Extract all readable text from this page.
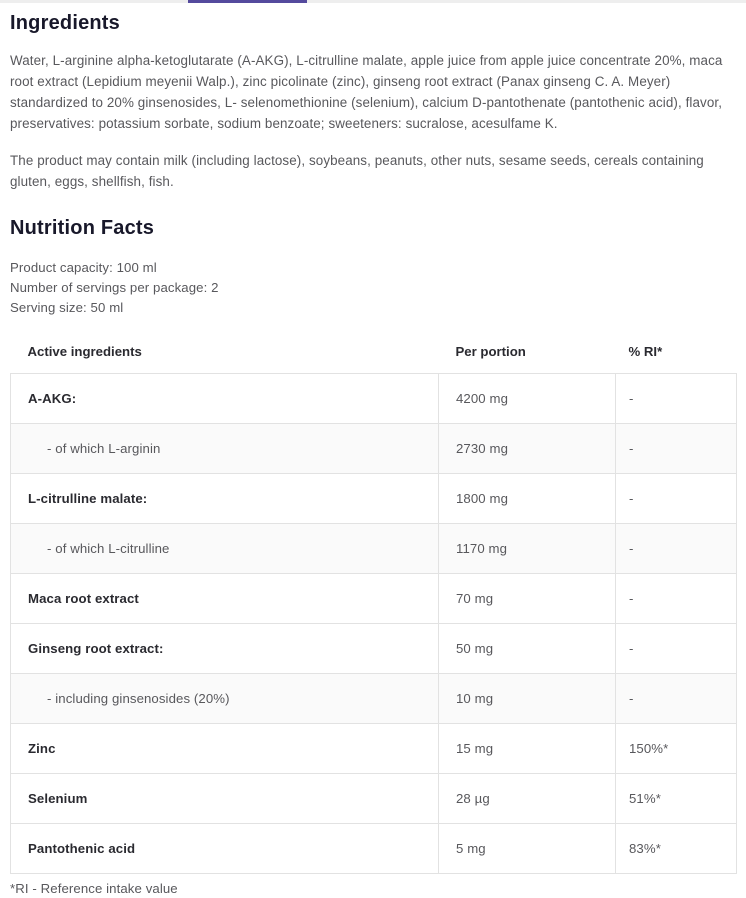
Ingredients

Water, L-arginine alpha-ketoglutarate (A-AKG), L-citrulline malate, apple juice from apple juice concentrate 20%, maca root extract (Lepidium meyenii Walp.), zinc picolinate (zinc), ginseng root extract (Panax ginseng C. A. Meyer) standardized to 20% ginsenosides, L- selenomethionine (selenium), calcium D-pantothenate (pantothenic acid), flavor, preservatives: potassium sorbate, sodium benzoate; sweeteners: sucralose, acesulfame K.

The product may contain milk (including lactose), soybeans, peanuts, other nuts, sesame seeds, cereals containing gluten, eggs, shellfish, fish.

Nutrition Facts

Product capacity: 100 ml

Number of servings per package: 2

Serving size: 50 ml

Active ingredients	Per portion	% RI*
A-AKG:	4200 mg	-
- of which L-arginin	2730 mg	-
L-citrulline malate:	1800 mg	-
- of which L-citrulline	1170 mg	-
Maca root extract	70 mg	-
Ginseng root extract:	50 mg	-
- including ginsenosides (20%)	10 mg	-
Zinc	15 mg	150%*
Selenium	28 µg	51%*
Pantothenic acid	5 mg	83%*

*RI - Reference intake value
